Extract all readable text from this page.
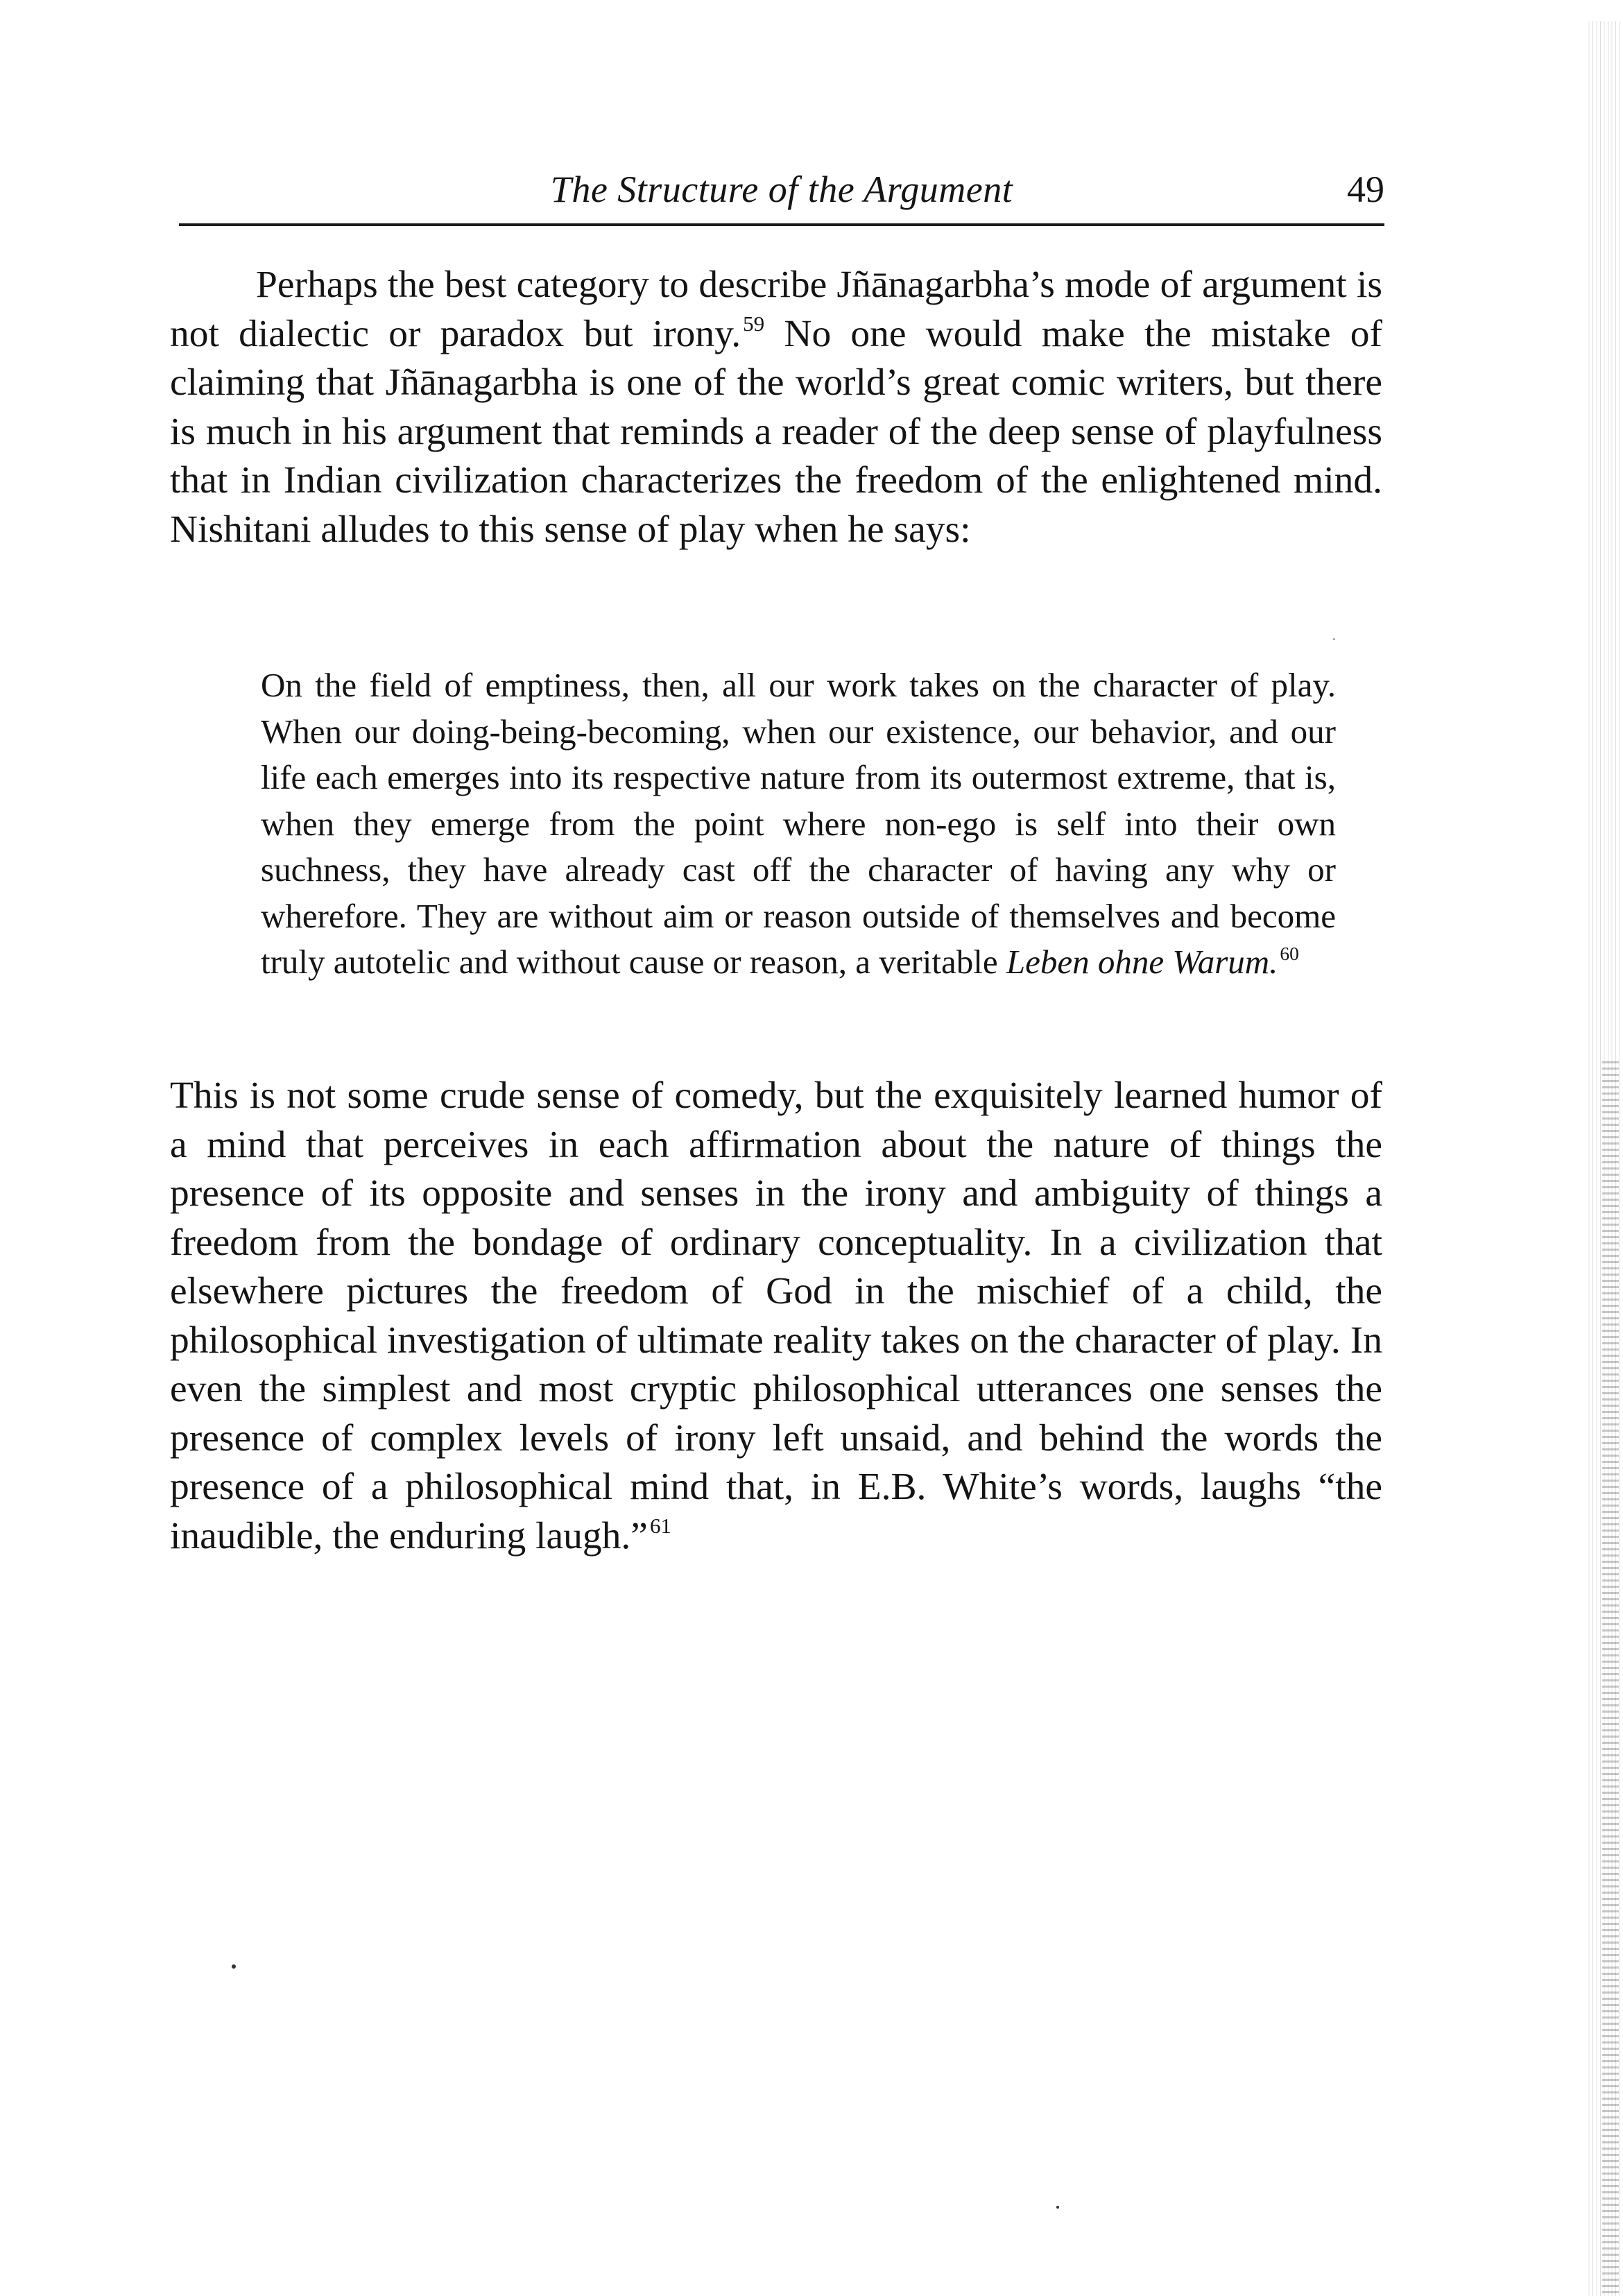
The Structure of the Argument	49

Perhaps the best category to describe Jñānagarbha’s mode of argument is not dialectic or paradox but irony.$^{59}$ No one would make the mistake of claiming that Jñānagarbha is one of the world’s great comic writers, but there is much in his argument that reminds a reader of the deep sense of playfulness that in Indian civilization characterizes the freedom of the enlightened mind. Nishitani alludes to this sense of play when he says:

On the field of emptiness, then, all our work takes on the character of play. When our doing-being-becoming, when our existence, our behavior, and our life each emerges into its respective nature from its outermost extreme, that is, when they emerge from the point where non-ego is self into their own suchness, they have already cast off the character of having any why or wherefore. They are without aim or reason outside of themselves and become truly autotelic and without cause or reason, a veritable Leben ohne Warum. $^{60}$

This is not some crude sense of comedy, but the exquisitely learned humor of a mind that perceives in each affirmation about the nature of things the presence of its opposite and senses in the irony and ambiguity of things a freedom from the bondage of ordinary conceptuality. In a civilization that elsewhere pictures the freedom of God in the mischief of a child, the philosophical investigation of ultimate reality takes on the character of play. In even the simplest and most cryptic philosophical utterances one senses the presence of complex levels of irony left unsaid, and behind the words the presence of a philosophical mind that, in E.B. White’s words, laughs “the inaudible, the enduring laugh.”$^{61}$
